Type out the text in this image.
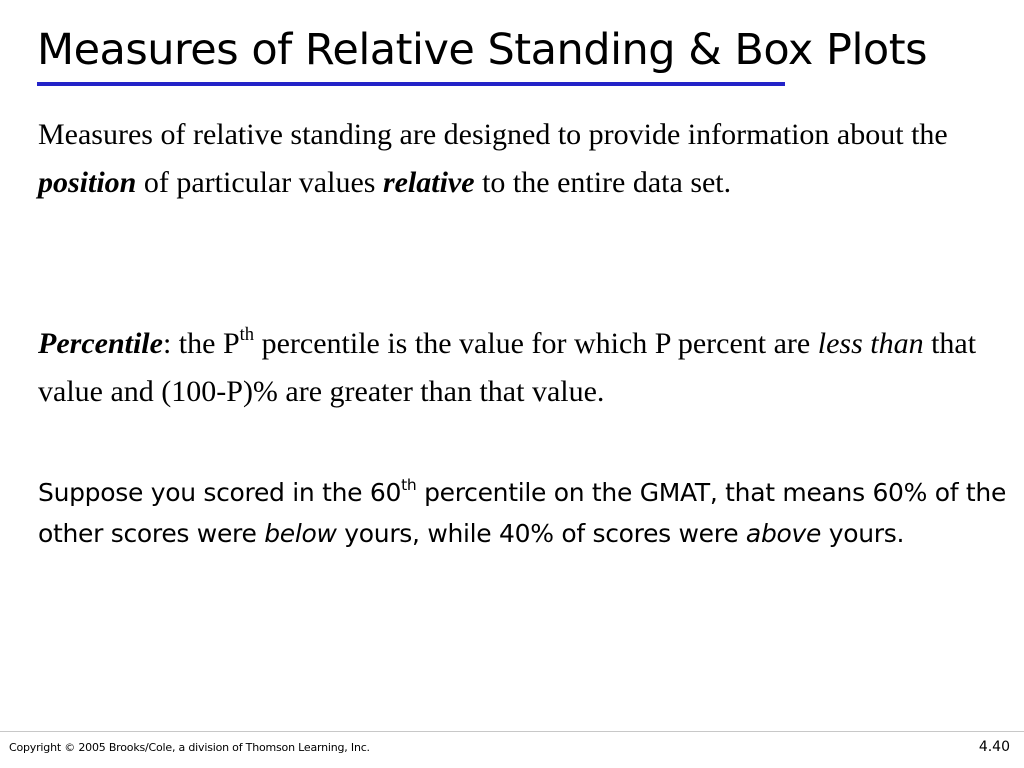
Measures of Relative Standing & Box Plots
Measures of relative standing are designed to provide information about the position of particular values relative to the entire data set.
Percentile: the $P^{th}$ percentile is the value for which P percent are less than that value and (100-P)% are greater than that value.
Suppose you scored in the 60th percentile on the GMAT, that means 60% of the other scores were below yours, while 40% of scores were above yours.
Copyright © 2005 Brooks/Cole, a division of Thomson Learning, Inc.	4.40
